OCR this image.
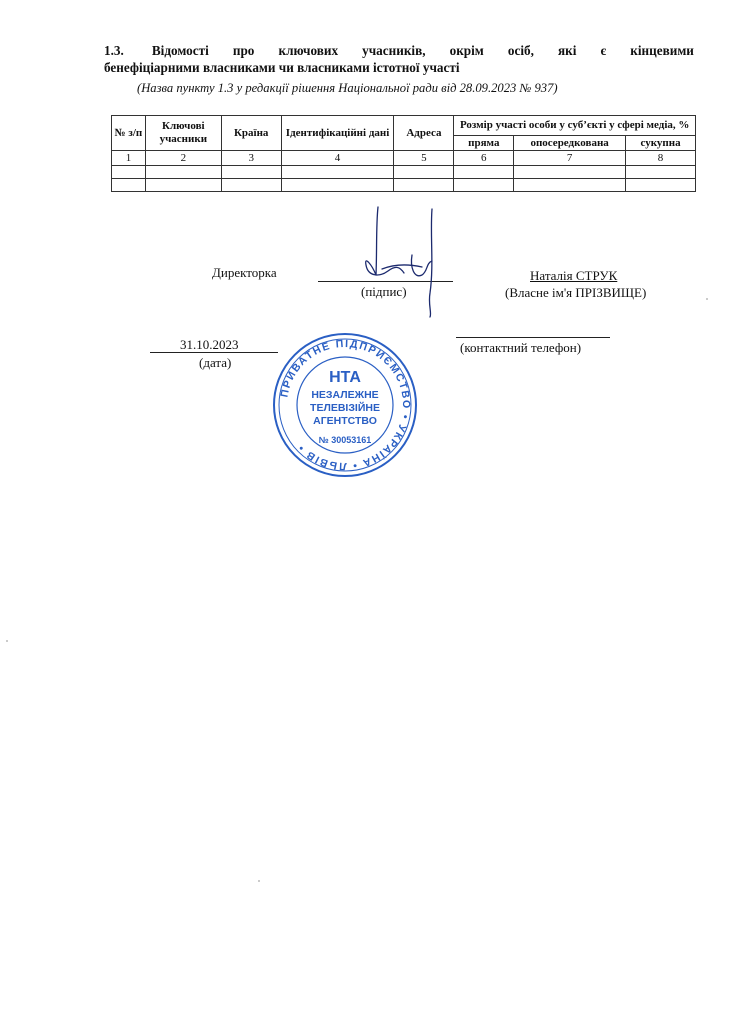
1.3. Відомості про ключових учасників, окрім осіб, які є кінцевими
бенефіціарними власниками чи власниками істотної участі
(Назва пункту 1.3 у редакції рішення Національної ради від 28.09.2023 № 937)
№ з/п	Ключові учасники	Країна	Ідентифікаційні дані	Адреса	Розмір участі особи у суб’єкті у сфері медіа, %		
					пряма	опосередкована	сукупна
1	2	3	4	5	6	7	8

Директорка
(підпис)
Наталія СТРУК
(Власне ім'я ПРІЗВИЩЕ)
31.10.2023
(дата)
(контактний телефон)
ПРИВАТНЕ ПІДПРИЄМСТВО • УКРАЇНА • ЛЬВІВ •
НТА
НЕЗАЛЕЖНЕ
ТЕЛЕВІЗІЙНЕ
АГЕНТСТВО
№ 30053161
